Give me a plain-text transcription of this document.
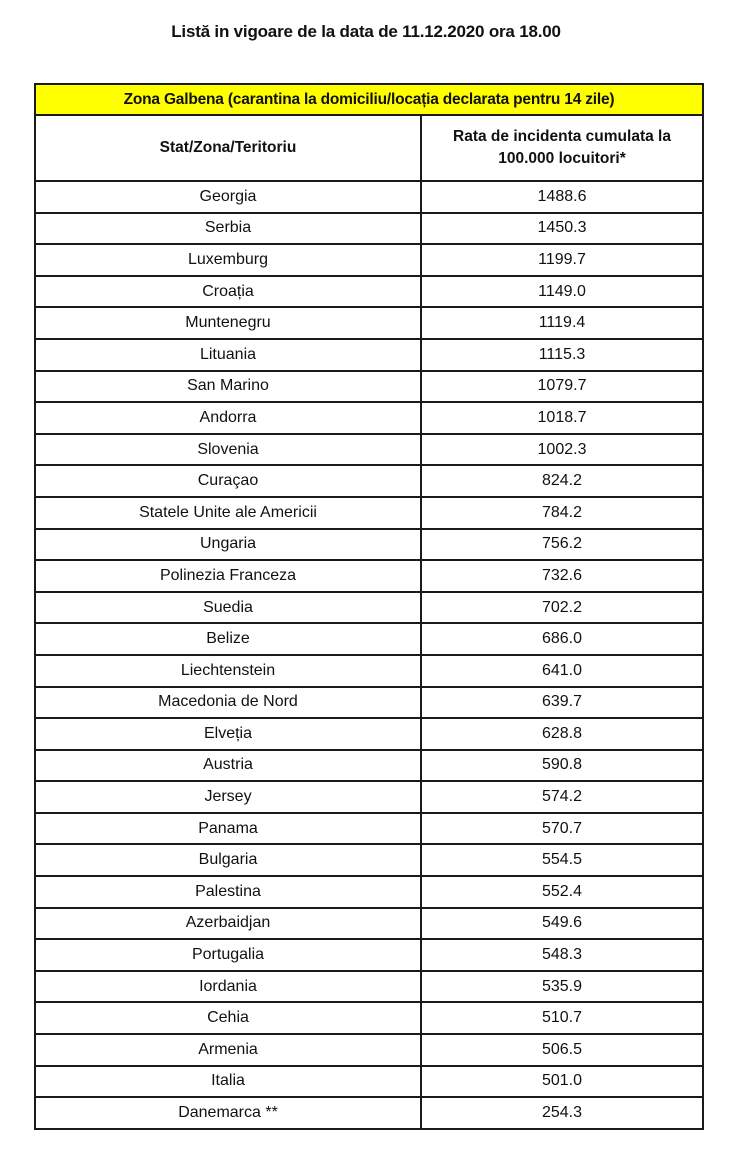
Listă in vigoare de la data de 11.12.2020 ora 18.00
Zona Galbena (carantina la domiciliu/locația declarata pentru 14 zile)	
Stat/Zona/Teritoriu	Rata de incidenta cumulata la
100.000 locuitori*
Georgia	1488.6
Serbia	1450.3
Luxemburg	1199.7
Croația	1149.0
Muntenegru	1119.4
Lituania	1115.3
San Marino	1079.7
Andorra	1018.7
Slovenia	1002.3
Curaçao	824.2
Statele Unite ale Americii	784.2
Ungaria	756.2
Polinezia Franceza	732.6
Suedia	702.2
Belize	686.0
Liechtenstein	641.0
Macedonia de Nord	639.7
Elveția	628.8
Austria	590.8
Jersey	574.2
Panama	570.7
Bulgaria	554.5
Palestina	552.4
Azerbaidjan	549.6
Portugalia	548.3
Iordania	535.9
Cehia	510.7
Armenia	506.5
Italia	501.0
Danemarca **	254.3
